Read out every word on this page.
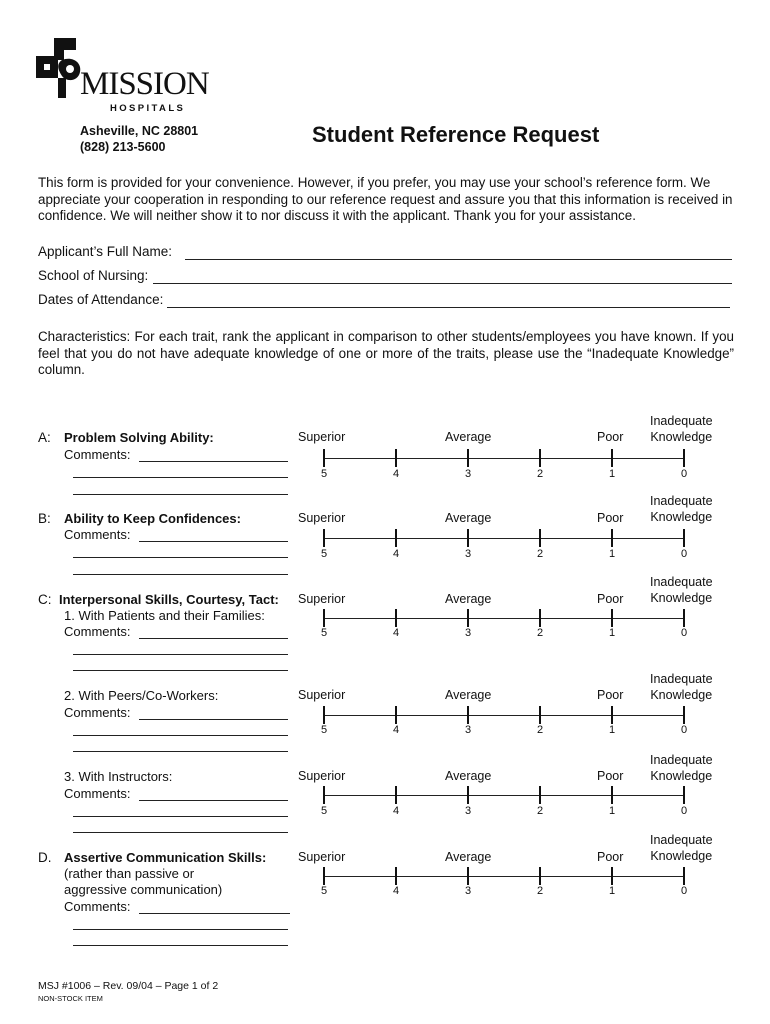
MISSION
HOSPITALS
Asheville, NC 28801
(828) 213-5600	Student Reference Request
This form is provided for your convenience. However, if you prefer, you may use your school’s reference form. We appreciate your cooperation in responding to our reference request and assure you that this information is received in confidence. We will neither show it to nor discuss it with the applicant. Thank you for your assistance.
Applicant’s Full Name:
School of Nursing:
Dates of Attendance:
Characteristics: For each trait, rank the applicant in comparison to other students/employees you have known. If you feel that you do not have adequate knowledge of one or more of the traits, please use the “Inadequate Knowledge” column.
A: Problem Solving Ability:
Comments:
Superior	Average	Poor
Inadequate
Knowledge
5	4	3	2	1	0
B: Ability to Keep Confidences:
Comments:
Superior	Average	Poor
Inadequate
Knowledge
5	4	3	2	1	0
C: Interpersonal Skills, Courtesy, Tact:
1. With Patients and their Families:
Comments:
Superior	Average	Poor
Inadequate
Knowledge
5	4	3	2	1	0
2. With Peers/Co-Workers:
Comments:
Superior	Average	Poor
Inadequate
Knowledge
5	4	3	2	1	0
3. With Instructors:
Comments:
Superior	Average	Poor
Inadequate
Knowledge
5	4	3	2	1	0
D. Assertive Communication Skills:
(rather than passive or
aggressive communication)
Comments:
Superior	Average	Poor
Inadequate
Knowledge
5	4	3	2	1	0
MSJ #1006 – Rev. 09/04 – Page 1 of 2
NON-STOCK ITEM
